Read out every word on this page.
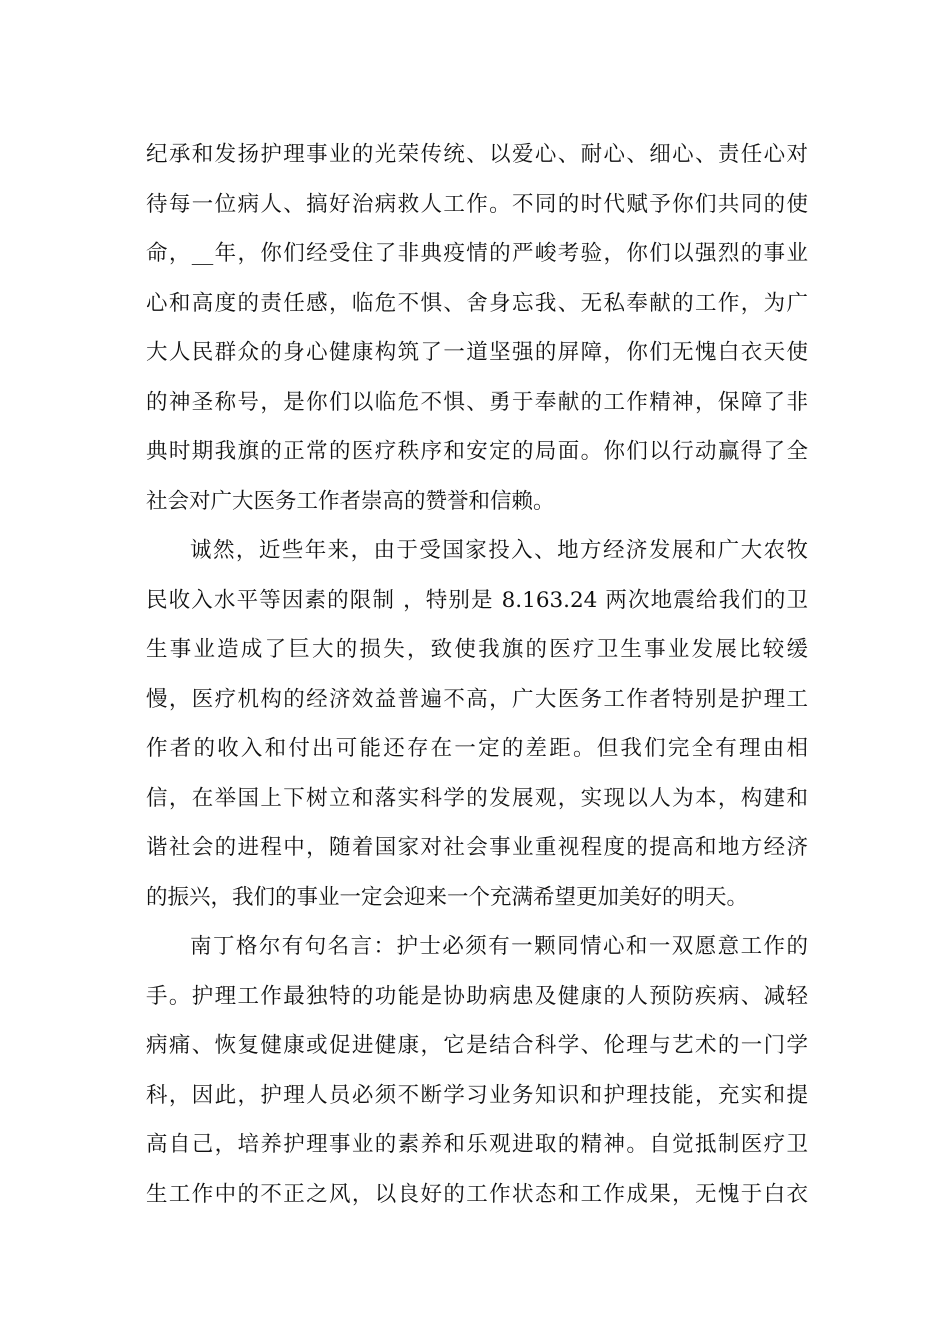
纪承和发扬护理事业的光荣传统、以爱心、耐心、细心、责任心对
待每一位病人、搞好治病救人工作。不同的时代赋予你们共同的使
命，__年，你们经受住了非典疫情的严峻考验，你们以强烈的事业
心和高度的责任感，临危不惧、舍身忘我、无私奉献的工作，为广
大人民群众的身心健康构筑了一道坚强的屏障，你们无愧白衣天使
的神圣称号，是你们以临危不惧、勇于奉献的工作精神，保障了非
典时期我旗的正常的医疗秩序和安定的局面。你们以行动赢得了全
社会对广大医务工作者崇高的赞誉和信赖。
诚然，近些年来，由于受国家投入、地方经济发展和广大农牧
民收入水平等因素的限制 ，特别是 8.163.24 两次地震给我们的卫
生事业造成了巨大的损失，致使我旗的医疗卫生事业发展比较缓
慢，医疗机构的经济效益普遍不高，广大医务工作者特别是护理工
作者的收入和付出可能还存在一定的差距。但我们完全有理由相
信，在举国上下树立和落实科学的发展观，实现以人为本，构建和
谐社会的进程中，随着国家对社会事业重视程度的提高和地方经济
的振兴，我们的事业一定会迎来一个充满希望更加美好的明天。
南丁格尔有句名言：护士必须有一颗同情心和一双愿意工作的
手。护理工作最独特的功能是协助病患及健康的人预防疾病、减轻
病痛、恢复健康或促进健康，它是结合科学、伦理与艺术的一门学
科，因此，护理人员必须不断学习业务知识和护理技能，充实和提
高自己，培养护理事业的素养和乐观进取的精神。自觉抵制医疗卫
生工作中的不正之风，以良好的工作状态和工作成果，无愧于白衣
